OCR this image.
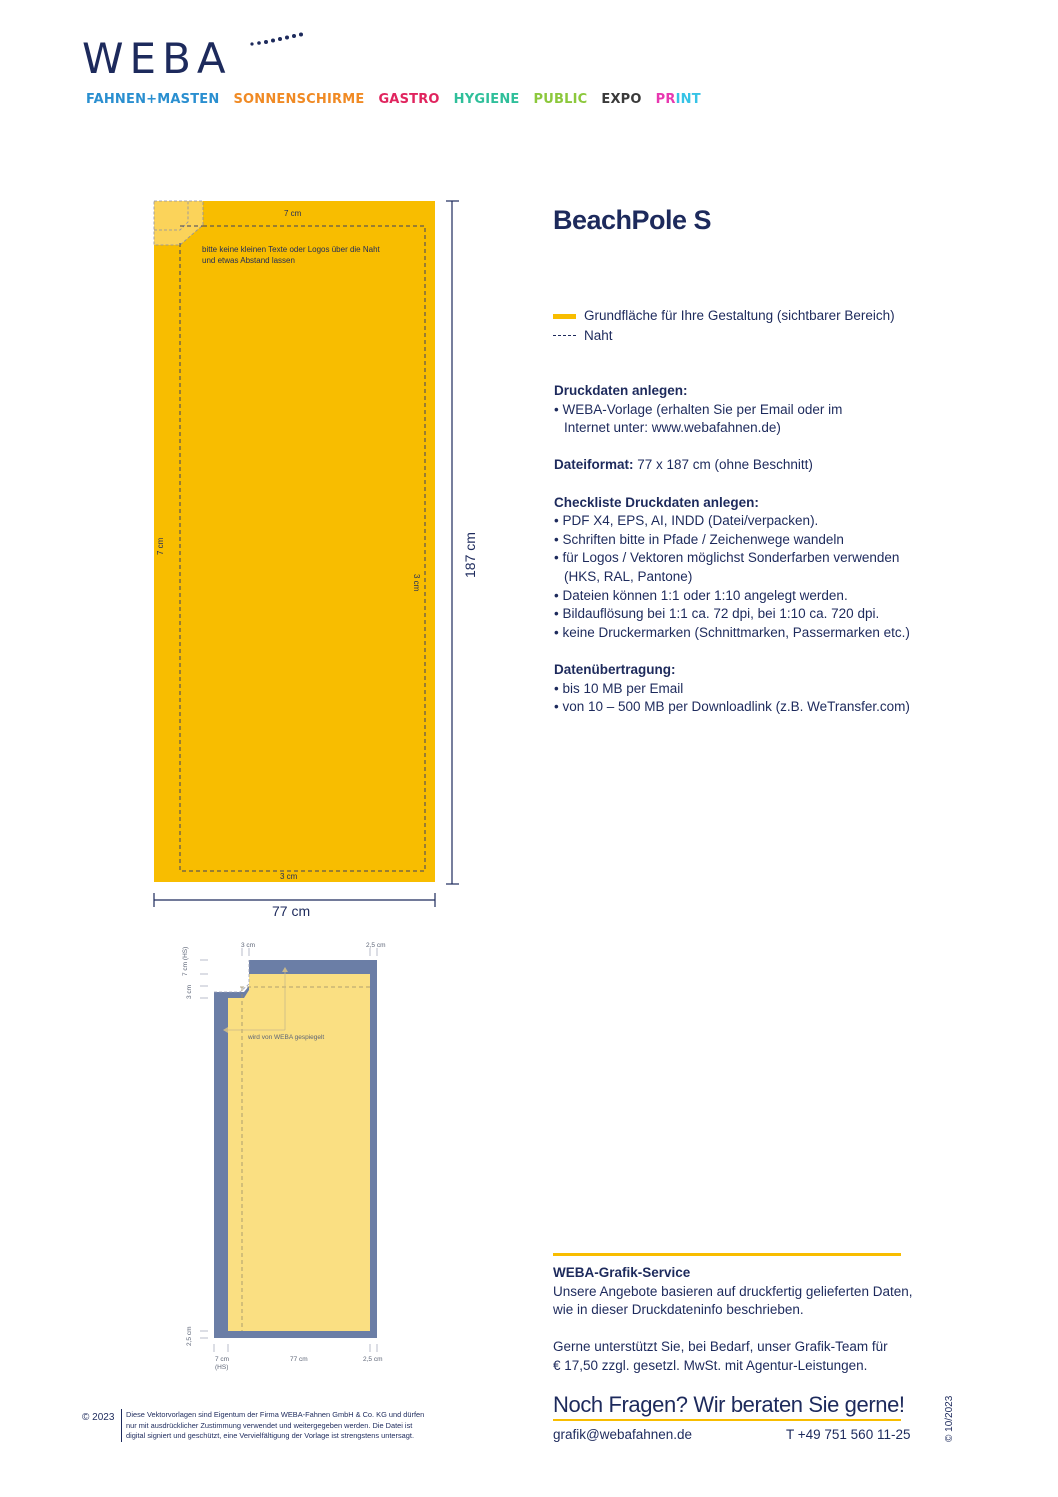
WEBA
FAHNEN+MASTEN SONNENSCHIRME GASTRO HYGIENE PUBLIC EXPO PRINT
7 cm
bitte keine kleinen Texte oder Logos über die Naht
und etwas Abstand lassen
7 cm
3 cm
3 cm
187 cm
77 cm
3 cm	2,5 cm
7 cm (HS)
3 cm
wird von WEBA gespiegelt
2,5 cm
7 cm
(HS)
77 cm	2,5 cm
BeachPole S
Grundfläche für Ihre Gestaltung (sichtbarer Bereich)
Naht
Druckdaten anlegen:
• WEBA-Vorlage (erhalten Sie per Email oder im
Internet unter: www.webafahnen.de)
Dateiformat: 77 x 187 cm (ohne Beschnitt)
Checkliste Druckdaten anlegen:
• PDF X4, EPS, AI, INDD (Datei/verpacken).
• Schriften bitte in Pfade / Zeichenwege wandeln
• für Logos / Vektoren möglichst Sonderfarben verwenden
(HKS, RAL, Pantone)
• Dateien können 1:1 oder 1:10 angelegt werden.
• Bildauflösung bei 1:1 ca. 72 dpi, bei 1:10 ca. 720 dpi.
• keine Druckermarken (Schnittmarken, Passermarken etc.)
Datenübertragung:
• bis 10 MB per Email
• von 10 – 500 MB per Downloadlink (z.B. WeTransfer.com)
WEBA-Grafik-Service
Unsere Angebote basieren auf druckfertig gelieferten Daten,
wie in dieser Druckdateninfo beschrieben.
Gerne unterstützt Sie, bei Bedarf, unser Grafik-Team für
€ 17,50 zzgl. gesetzl. MwSt. mit Agentur-Leistungen.
Noch Fragen? Wir beraten Sie gerne!
grafik@webafahnen.de	T +49 751 560 11-25
© 2023 Diese Vektorvorlagen sind Eigentum der Firma WEBA-Fahnen GmbH & Co. KG und dürfen
nur mit ausdrücklicher Zustimmung verwendet und weitergegeben werden. Die Datei ist
digital signiert und geschützt, eine Vervielfältigung der Vorlage ist strengstens untersagt.	© 10/2023
